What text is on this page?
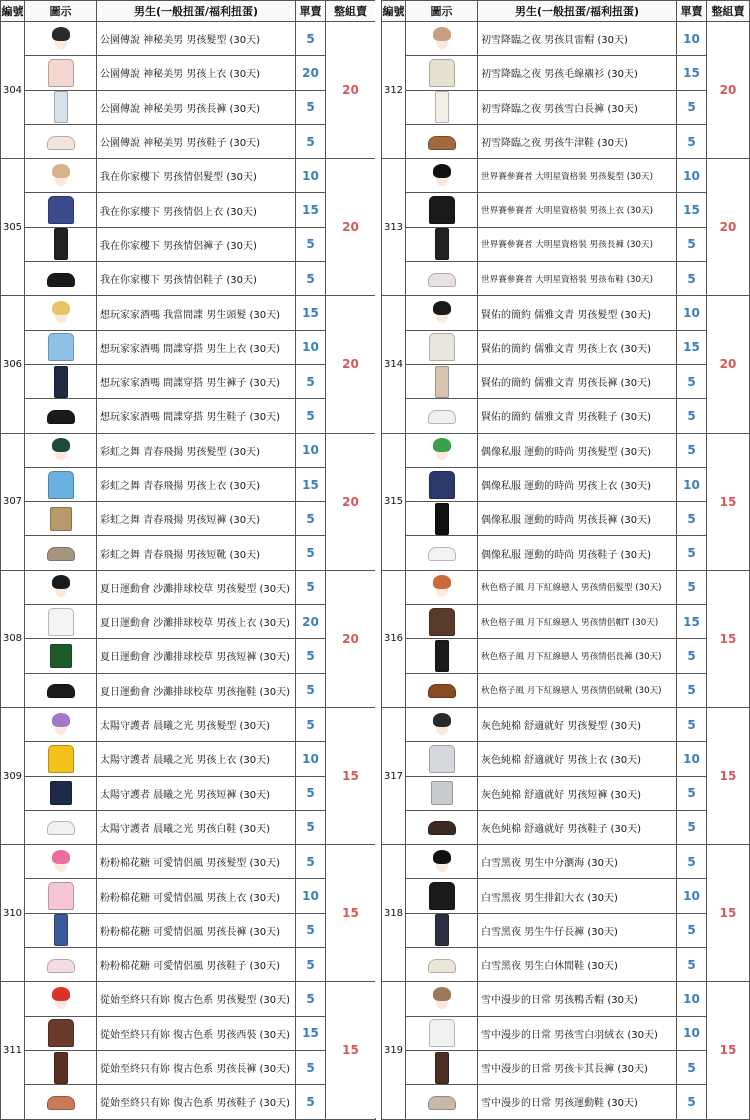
編號	圖示	男生(一般扭蛋/福利扭蛋)	單賣	整組賣
304		公園傳說 神秘美男 男孩髮型 (30天)	5	20
		公園傳說 神秘美男 男孩上衣 (30天)	20	
		公園傳說 神秘美男 男孩長褲 (30天)	5	
		公園傳說 神秘美男 男孩鞋子 (30天)	5	
305		我在你家樓下 男孩情侶髮型 (30天)	10	20
		我在你家樓下 男孩情侶上衣 (30天)	15	
		我在你家樓下 男孩情侶褲子 (30天)	5	
		我在你家樓下 男孩情侶鞋子 (30天)	5	
306		想玩家家酒嗎 我當間諜 男生頭髮 (30天)	15	20
		想玩家家酒嗎 間諜穿搭 男生上衣 (30天)	10	
		想玩家家酒嗎 間諜穿搭 男生褲子 (30天)	5	
		想玩家家酒嗎 間諜穿搭 男生鞋子 (30天)	5	
307		彩虹之舞 青春飛揚 男孩髮型 (30天)	10	20
		彩虹之舞 青春飛揚 男孩上衣 (30天)	15	
		彩虹之舞 青春飛揚 男孩短褲 (30天)	5	
		彩虹之舞 青春飛揚 男孩短靴 (30天)	5	
308		夏日運動會 沙灘排球校草 男孩髮型 (30天)	5	20
		夏日運動會 沙灘排球校草 男孩上衣 (30天)	20	
		夏日運動會 沙灘排球校草 男孩短褲 (30天)	5	
		夏日運動會 沙灘排球校草 男孩拖鞋 (30天)	5	
309		太陽守護者 晨曦之光 男孩髮型 (30天)	5	15
		太陽守護者 晨曦之光 男孩上衣 (30天)	10	
		太陽守護者 晨曦之光 男孩短褲 (30天)	5	
		太陽守護者 晨曦之光 男孩白鞋 (30天)	5	
310		粉粉棉花糖 可愛情侶風 男孩髮型 (30天)	5	15
		粉粉棉花糖 可愛情侶風 男孩上衣 (30天)	10	
		粉粉棉花糖 可愛情侶風 男孩長褲 (30天)	5	
		粉粉棉花糖 可愛情侶風 男孩鞋子 (30天)	5	
311		從始至終只有妳 復古色系 男孩髮型 (30天)	5	15
		從始至終只有妳 復古色系 男孩西裝 (30天)	15	
		從始至終只有妳 復古色系 男孩長褲 (30天)	5	
		從始至終只有妳 復古色系 男孩鞋子 (30天)	5	
編號	圖示	男生(一般扭蛋/福利扭蛋)	單賣	整組賣
312		初雪降臨之夜 男孩貝雷帽 (30天)	10	20
		初雪降臨之夜 男孩毛線襯衫 (30天)	15	
		初雪降臨之夜 男孩雪白長褲 (30天)	5	
		初雪降臨之夜 男孩牛津鞋 (30天)	5	
313		世界賽參賽者 大明星資格裝 男孩髮型 (30天)	10	20
		世界賽參賽者 大明星資格裝 男孩上衣 (30天)	15	
		世界賽參賽者 大明星資格裝 男孩長褲 (30天)	5	
		世界賽參賽者 大明星資格裝 男孩布鞋 (30天)	5	
314		賢佑的簡約 儒雅文青 男孩髮型 (30天)	10	20
		賢佑的簡約 儒雅文青 男孩上衣 (30天)	15	
		賢佑的簡約 儒雅文青 男孩長褲 (30天)	5	
		賢佑的簡約 儒雅文青 男孩鞋子 (30天)	5	
315		偶像私服 運動的時尚 男孩髮型 (30天)	5	15
		偶像私服 運動的時尚 男孩上衣 (30天)	10	
		偶像私服 運動的時尚 男孩長褲 (30天)	5	
		偶像私服 運動的時尚 男孩鞋子 (30天)	5	
316		秋色格子風 月下紅線戀人 男孩情侶髮型 (30天)	5	15
		秋色格子風 月下紅線戀人 男孩情侶帽T (30天)	15	
		秋色格子風 月下紅線戀人 男孩情侶長褲 (30天)	5	
		秋色格子風 月下紅線戀人 男孩情侶絨靴 (30天)	5	
317		灰色純棉 舒適就好 男孩髮型 (30天)	5	15
		灰色純棉 舒適就好 男孩上衣 (30天)	10	
		灰色純棉 舒適就好 男孩短褲 (30天)	5	
		灰色純棉 舒適就好 男孩鞋子 (30天)	5	
318		白雪黑夜 男生中分瀏海 (30天)	5	15
		白雪黑夜 男生排釦大衣 (30天)	10	
		白雪黑夜 男生牛仔長褲 (30天)	5	
		白雪黑夜 男生白休閒鞋 (30天)	5	
319		雪中漫步的日常 男孩鴨舌帽 (30天)	10	15
		雪中漫步的日常 男孩雪白羽絨衣 (30天)	10	
		雪中漫步的日常 男孩卡其長褲 (30天)	5	
		雪中漫步的日常 男孩運動鞋 (30天)	5	
